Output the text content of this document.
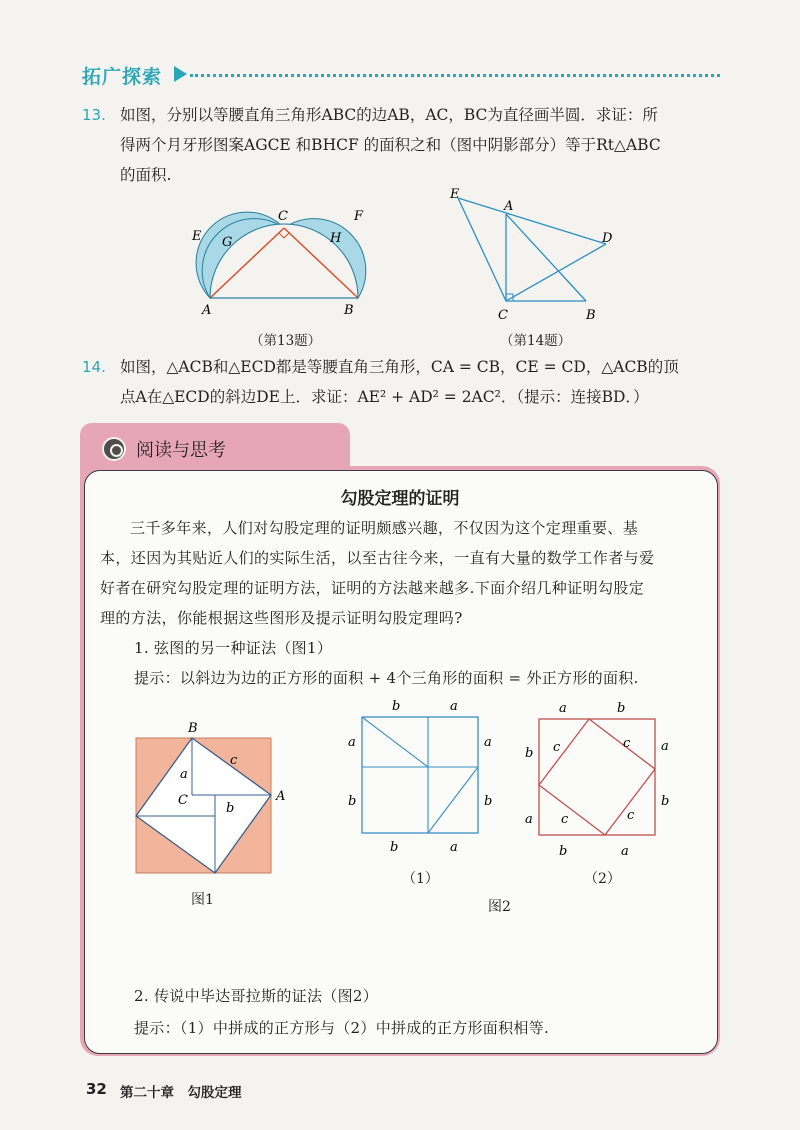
拓广探索
13. 如图，分别以等腰直角三角形ABC的边AB，AC，BC为直径画半圆．求证：所
得两个月牙形图案AGCE 和BHCF 的面积之和（图中阴影部分）等于Rt△ABC
的面积.
E G
C
H
F
A	B
（第13题）
E
A
D
C	B
（第14题）
14. 如图，△ACB和△ECD都是等腰直角三角形，CA = CB，CE = CD，△ACB的顶
点A在△ECD的斜边DE上．求证：AE² + AD² = 2AC²．（提示：连接BD．）
阅读与思考
勾股定理的证明
三千多年来，人们对勾股定理的证明颇感兴趣，不仅因为这个定理重要、基
本，还因为其贴近人们的实际生活，以至古往今来，一直有大量的数学工作者与爱
好者在研究勾股定理的证明方法，证明的方法越来越多.下面介绍几种证明勾股定
理的方法，你能根据这些图形及提示证明勾股定理吗?
1. 弦图的另一种证法（图1）
提示：以斜边为边的正方形的面积 + 4个三角形的面积 = 外正方形的面积.
B
A
C
a
b
c
图1
b	a
a	a
b	b
b	a
（1）
a	b
b	a
a
b
b	a
c	c
c	c
（2）
图2
2. 传说中毕达哥拉斯的证法（图2）
提示：（1）中拼成的正方形与（2）中拼成的正方形面积相等.
32 第二十章　勾股定理
